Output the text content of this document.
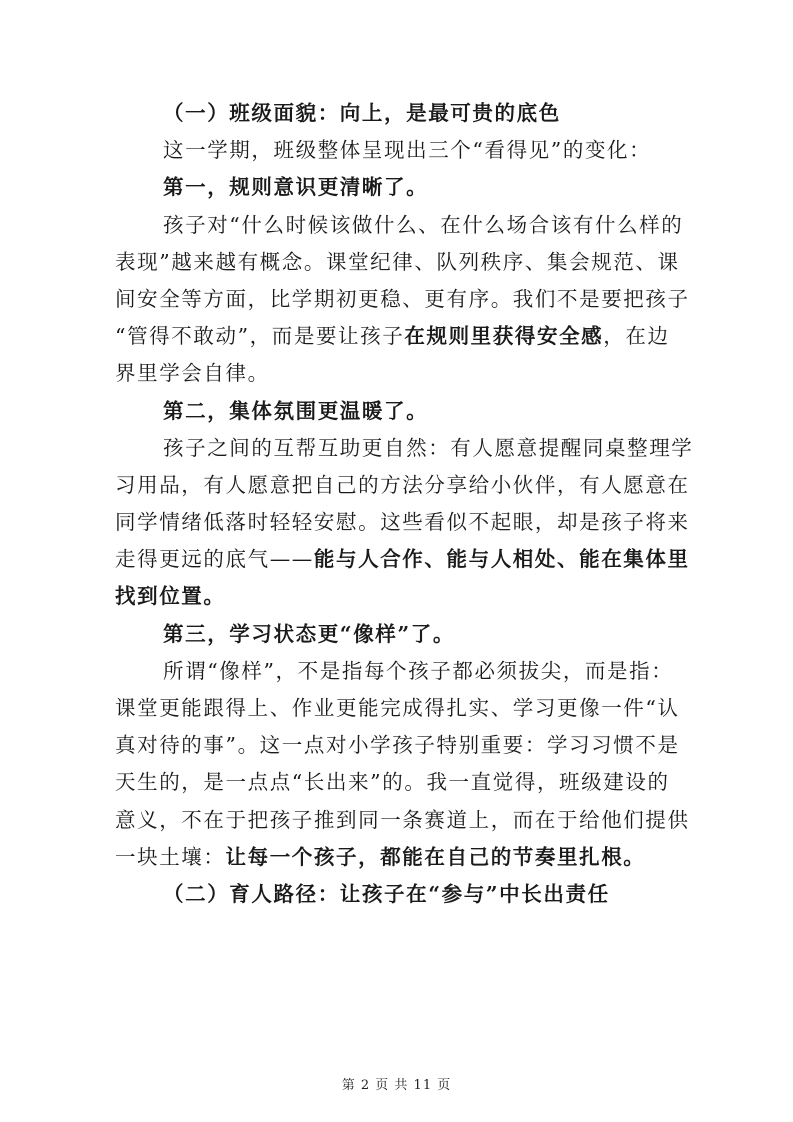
（一）班级面貌：向上，是最可贵的底色
这一学期，班级整体呈现出三个“看得见”的变化：
第一，规则意识更清晰了。
孩子对“什么时候该做什么、在什么场合该有什么样的
表现”越来越有概念。课堂纪律、队列秩序、集会规范、课
间安全等方面，比学期初更稳、更有序。我们不是要把孩子
“管得不敢动”，而是要让孩子在规则里获得安全感，在边
界里学会自律。
第二，集体氛围更温暖了。
孩子之间的互帮互助更自然：有人愿意提醒同桌整理学
习用品，有人愿意把自己的方法分享给小伙伴，有人愿意在
同学情绪低落时轻轻安慰。这些看似不起眼，却是孩子将来
走得更远的底气——能与人合作、能与人相处、能在集体里
找到位置。
第三，学习状态更“像样”了。
所谓“像样”，不是指每个孩子都必须拔尖，而是指：
课堂更能跟得上、作业更能完成得扎实、学习更像一件“认
真对待的事”。这一点对小学孩子特别重要：学习习惯不是
天生的，是一点点“长出来”的。我一直觉得，班级建设的
意义，不在于把孩子推到同一条赛道上，而在于给他们提供
一块土壤：让每一个孩子，都能在自己的节奏里扎根。
（二）育人路径：让孩子在“参与”中长出责任
第 2 页 共 11 页
